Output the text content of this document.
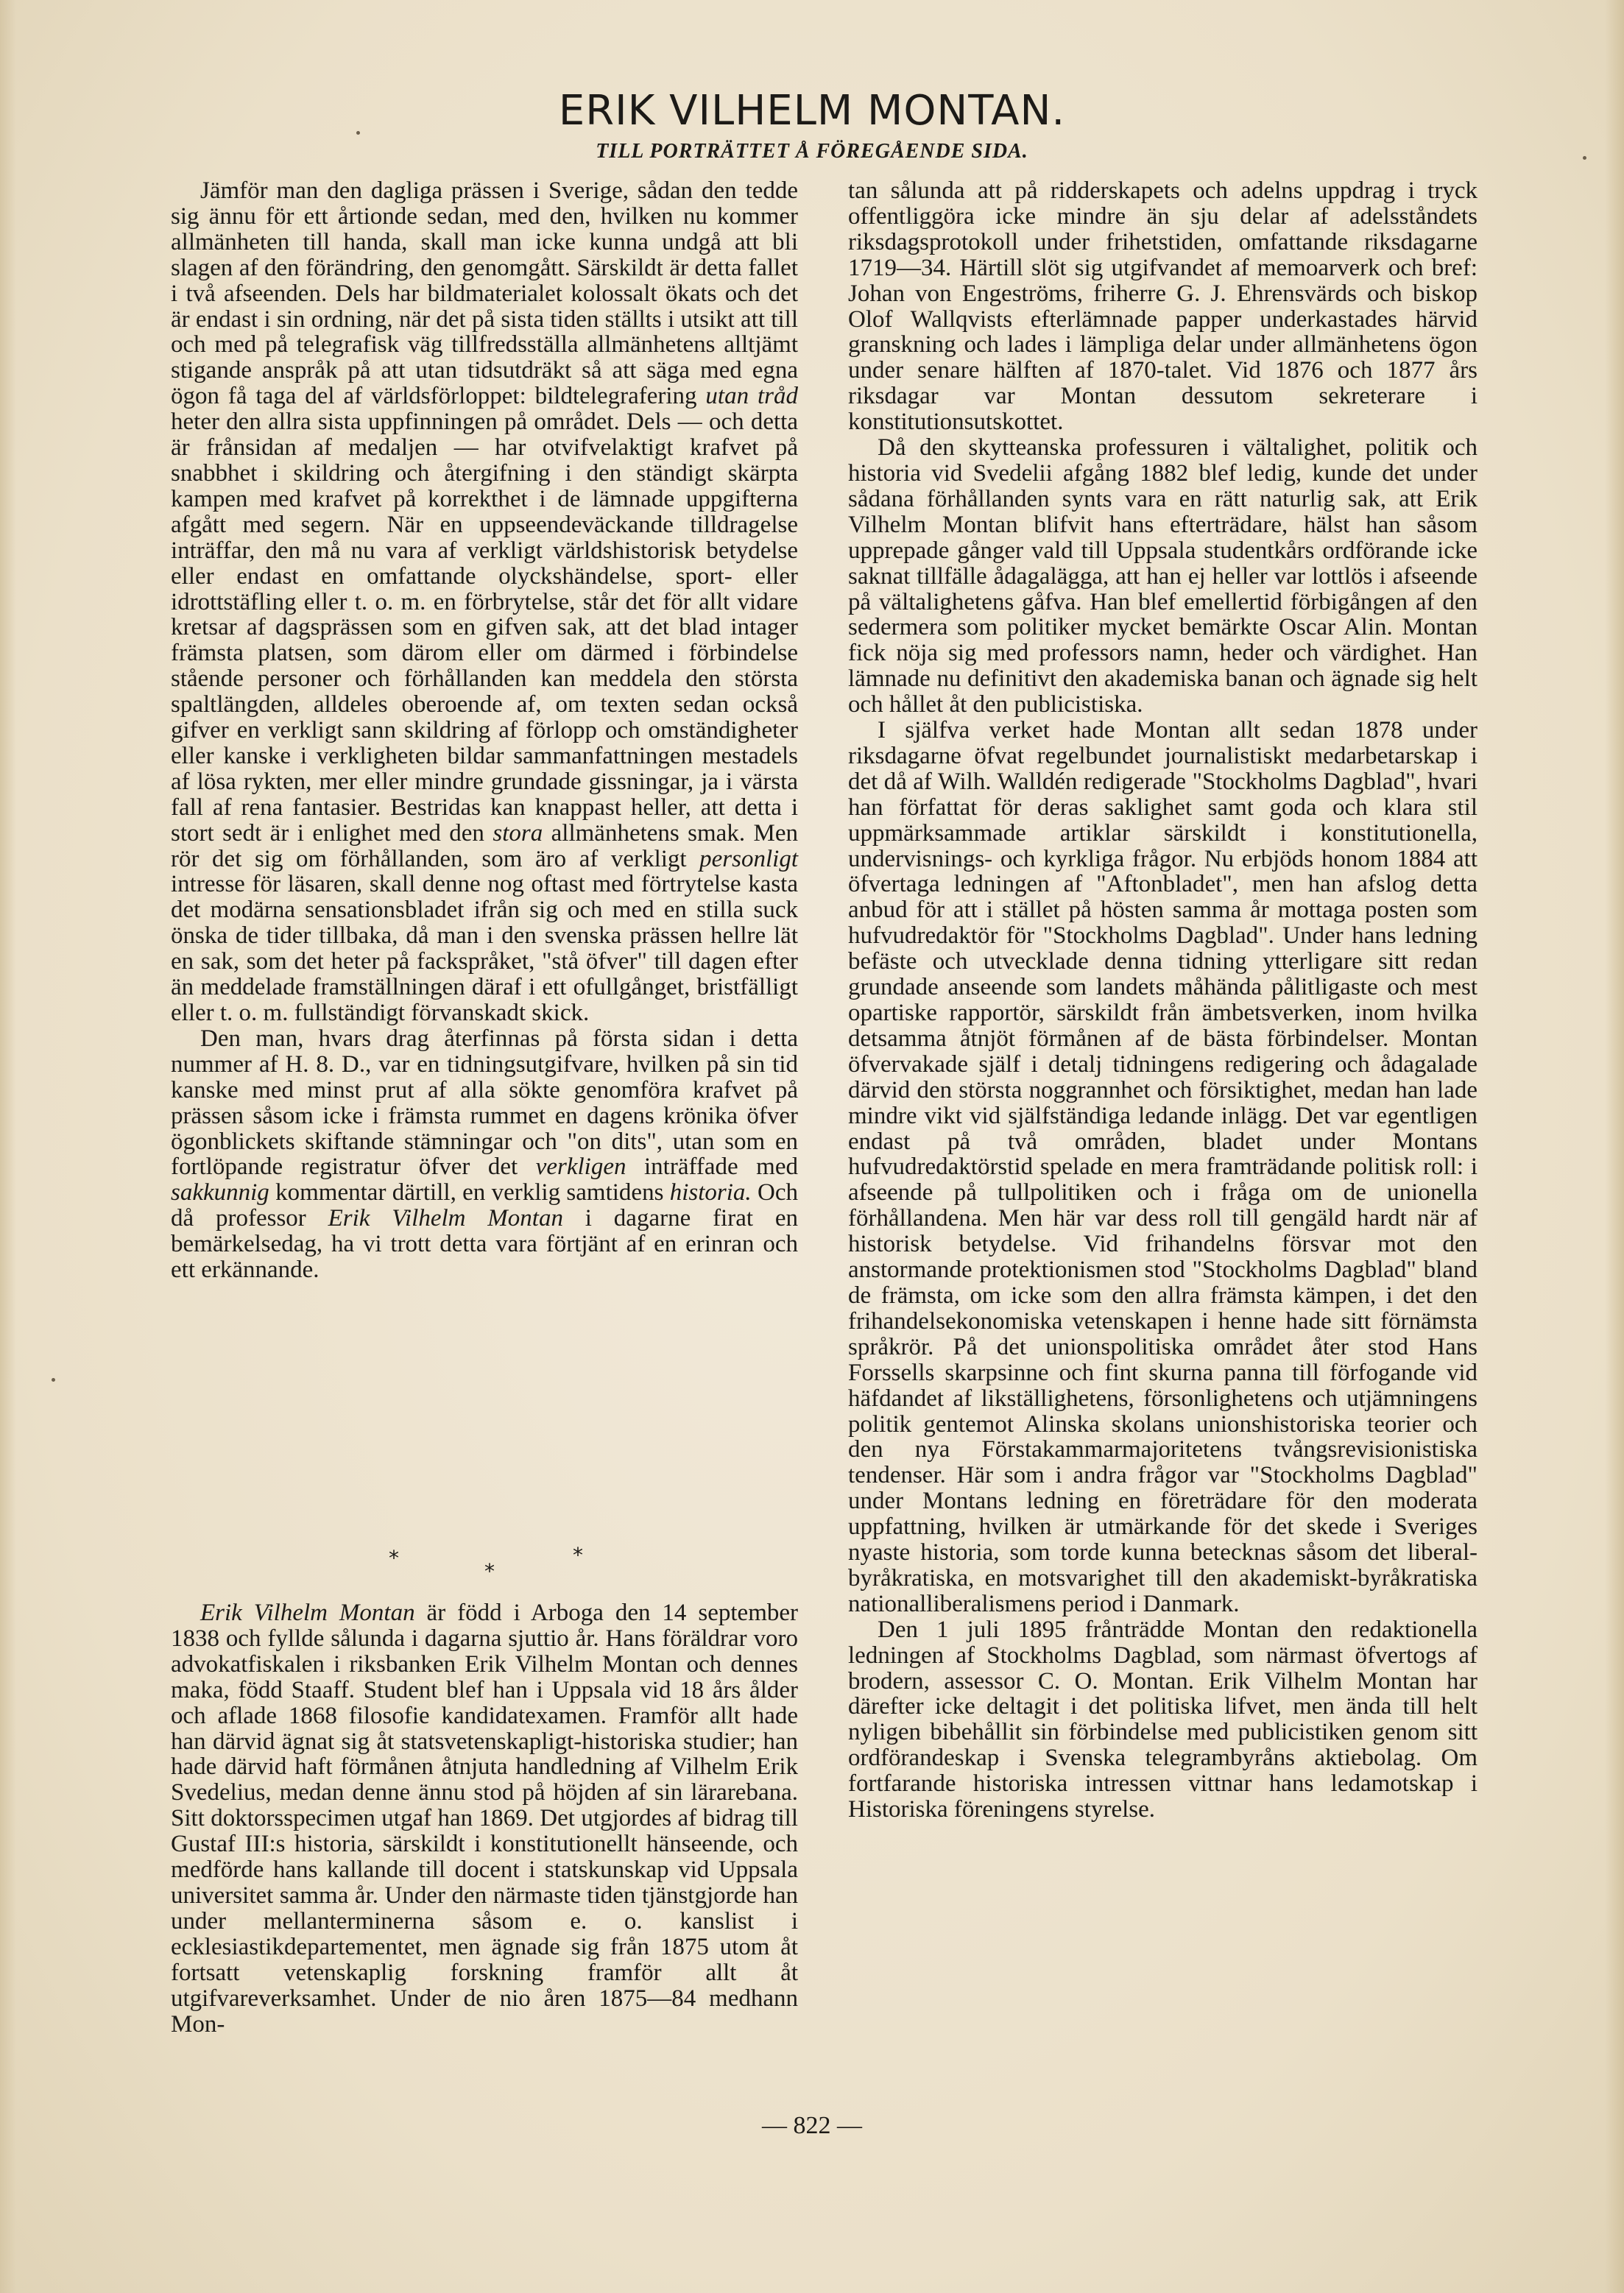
ERIK VILHELM MONTAN.
TILL PORTRÄTTET Å FÖREGÅENDE SIDA.

Jämför man den dagliga prässen i Sverige, sådan den tedde sig ännu för ett årtionde sedan, med den, hvilken nu kommer allmänheten till handa, skall man icke kunna undgå att bli slagen af den förändring, den genomgått. Särskildt är detta fallet i två afseenden. Dels har bildmaterialet kolossalt ökats och det är endast i sin ordning, när det på sista tiden ställts i utsikt att till och med på telegrafisk väg tillfredsställa allmänhetens alltjämt stigande anspråk på att utan tidsutdräkt så att säga med egna ögon få taga del af världsförloppet: bildtelegrafering utan tråd heter den allra sista uppfinningen på området. Dels — och detta är frånsidan af medaljen — har otvifvelaktigt krafvet på snabbhet i skildring och återgifning i den ständigt skärpta kampen med krafvet på korrekthet i de lämnade uppgifterna afgått med segern. När en uppseendeväckande tilldragelse inträffar, den må nu vara af verkligt världshistorisk betydelse eller endast en omfattande olyckshändelse, sport- eller idrottstäfling eller t. o. m. en förbrytelse, står det för allt vidare kretsar af dagsprässen som en gifven sak, att det blad intager främsta platsen, som därom eller om därmed i förbindelse stående personer och förhållanden kan meddela den största spaltlängden, alldeles oberoende af, om texten sedan också gifver en verkligt sann skildring af förlopp och omständigheter eller kanske i verkligheten bildar sammanfattningen mestadels af lösa rykten, mer eller mindre grundade gissningar, ja i värsta fall af rena fantasier. Bestridas kan knappast heller, att detta i stort sedt är i enlighet med den stora allmänhetens smak. Men rör det sig om förhållanden, som äro af verkligt personligt intresse för läsaren, skall denne nog oftast med förtrytelse kasta det modärna sensationsbladet ifrån sig och med en stilla suck önska de tider tillbaka, då man i den svenska prässen hellre lät en sak, som det heter på fackspråket, "stå öfver" till dagen efter än meddelade framställningen däraf i ett ofullgånget, bristfälligt eller t. o. m. fullständigt förvanskadt skick.

Den man, hvars drag återfinnas på första sidan i detta nummer af H. 8. D., var en tidningsutgifvare, hvilken på sin tid kanske med minst prut af alla sökte genomföra krafvet på prässen såsom icke i främsta rummet en dagens krönika öfver ögonblickets skiftande stämningar och "on dits", utan som en fortlöpande registratur öfver det verkligen inträffade med sakkunnig kommentar därtill, en verklig samtidens historia. Och då professor Erik Vilhelm Montan i dagarne firat en bemärkelsedag, ha vi trott detta vara förtjänt af en erinran och ett erkännande.

*
*
*

Erik Vilhelm Montan är född i Arboga den 14 september 1838 och fyllde sålunda i dagarna sjuttio år. Hans föräldrar voro advokatfiskalen i riksbanken Erik Vilhelm Montan och dennes maka, född Staaff. Student blef han i Uppsala vid 18 års ålder och aflade 1868 filosofie kandidatexamen. Framför allt hade han därvid ägnat sig åt statsvetenskapligt-historiska studier; han hade därvid haft förmånen åtnjuta handledning af Vilhelm Erik Svedelius, medan denne ännu stod på höjden af sin lärarebana. Sitt doktorsspecimen utgaf han 1869. Det utgjordes af bidrag till Gustaf III:s historia, särskildt i konstitutionellt hänseende, och medförde hans kallande till docent i statskunskap vid Uppsala universitet samma år. Under den närmaste tiden tjänstgjorde han under mellanterminerna såsom e. o. kanslist i ecklesiastikdepartementet, men ägnade sig från 1875 utom åt fortsatt vetenskaplig forskning framför allt åt utgifvareverksamhet. Under de nio åren 1875—84 medhann Mon-

tan sålunda att på ridderskapets och adelns uppdrag i tryck offentliggöra icke mindre än sju delar af adelsståndets riksdagsprotokoll under frihetstiden, omfattande riksdagarne 1719—34. Härtill slöt sig utgifvandet af memoarverk och bref: Johan von Engeströms, friherre G. J. Ehrensvärds och biskop Olof Wallqvists efterlämnade papper underkastades härvid granskning och lades i lämpliga delar under allmänhetens ögon under senare hälften af 1870-talet. Vid 1876 och 1877 års riksdagar var Montan dessutom sekreterare i konstitutionsutskottet.

Då den skytteanska professuren i vältalighet, politik och historia vid Svedelii afgång 1882 blef ledig, kunde det under sådana förhållanden synts vara en rätt naturlig sak, att Erik Vilhelm Montan blifvit hans efterträdare, hälst han såsom upprepade gånger vald till Uppsala studentkårs ordförande icke saknat tillfälle ådagalägga, att han ej heller var lottlös i afseende på vältalighetens gåfva. Han blef emellertid förbigången af den sedermera som politiker mycket bemärkte Oscar Alin. Montan fick nöja sig med professors namn, heder och värdighet. Han lämnade nu definitivt den akademiska banan och ägnade sig helt och hållet åt den publicistiska.

I själfva verket hade Montan allt sedan 1878 under riksdagarne öfvat regelbundet journalistiskt medarbetarskap i det då af Wilh. Walldén redigerade "Stockholms Dagblad", hvari han författat för deras saklighet samt goda och klara stil uppmärksammade artiklar särskildt i konstitutionella, undervisnings- och kyrkliga frågor. Nu erbjöds honom 1884 att öfvertaga ledningen af "Aftonbladet", men han afslog detta anbud för att i stället på hösten samma år mottaga posten som hufvudredaktör för "Stockholms Dagblad". Under hans ledning befäste och utvecklade denna tidning ytterligare sitt redan grundade anseende som landets måhända pålitligaste och mest opartiske rapportör, särskildt från ämbetsverken, inom hvilka detsamma åtnjöt förmånen af de bästa förbindelser. Montan öfvervakade själf i detalj tidningens redigering och ådagalade därvid den största noggrannhet och försiktighet, medan han lade mindre vikt vid själfständiga ledande inlägg. Det var egentligen endast på två områden, bladet under Montans hufvudredaktörstid spelade en mera framträdande politisk roll: i afseende på tullpolitiken och i fråga om de unionella förhållandena. Men här var dess roll till gengäld hardt när af historisk betydelse. Vid frihandelns försvar mot den anstormande protektionismen stod "Stockholms Dagblad" bland de främsta, om icke som den allra främsta kämpen, i det den frihandelsekonomiska vetenskapen i henne hade sitt förnämsta språkrör. På det unionspolitiska området åter stod Hans Forssells skarpsinne och fint skurna panna till förfogande vid häfdandet af likställighetens, försonlighetens och utjämningens politik gentemot Alinska skolans unionshistoriska teorier och den nya Förstakammarmajoritetens tvångsrevisionistiska tendenser. Här som i andra frågor var "Stockholms Dagblad" under Montans ledning en företrädare för den moderata uppfattning, hvilken är utmärkande för det skede i Sveriges nyaste historia, som torde kunna betecknas såsom det liberal-byråkratiska, en motsvarighet till den akademiskt-byråkratiska nationalliberalismens period i Danmark.

Den 1 juli 1895 frånträdde Montan den redaktionella ledningen af Stockholms Dagblad, som närmast öfvertogs af brodern, assessor C. O. Montan. Erik Vilhelm Montan har därefter icke deltagit i det politiska lifvet, men ända till helt nyligen bibehållit sin förbindelse med publicistiken genom sitt ordförandeskap i Svenska telegrambyråns aktiebolag. Om fortfarande historiska intressen vittnar hans ledamotskap i Historiska föreningens styrelse.

— 822 —
